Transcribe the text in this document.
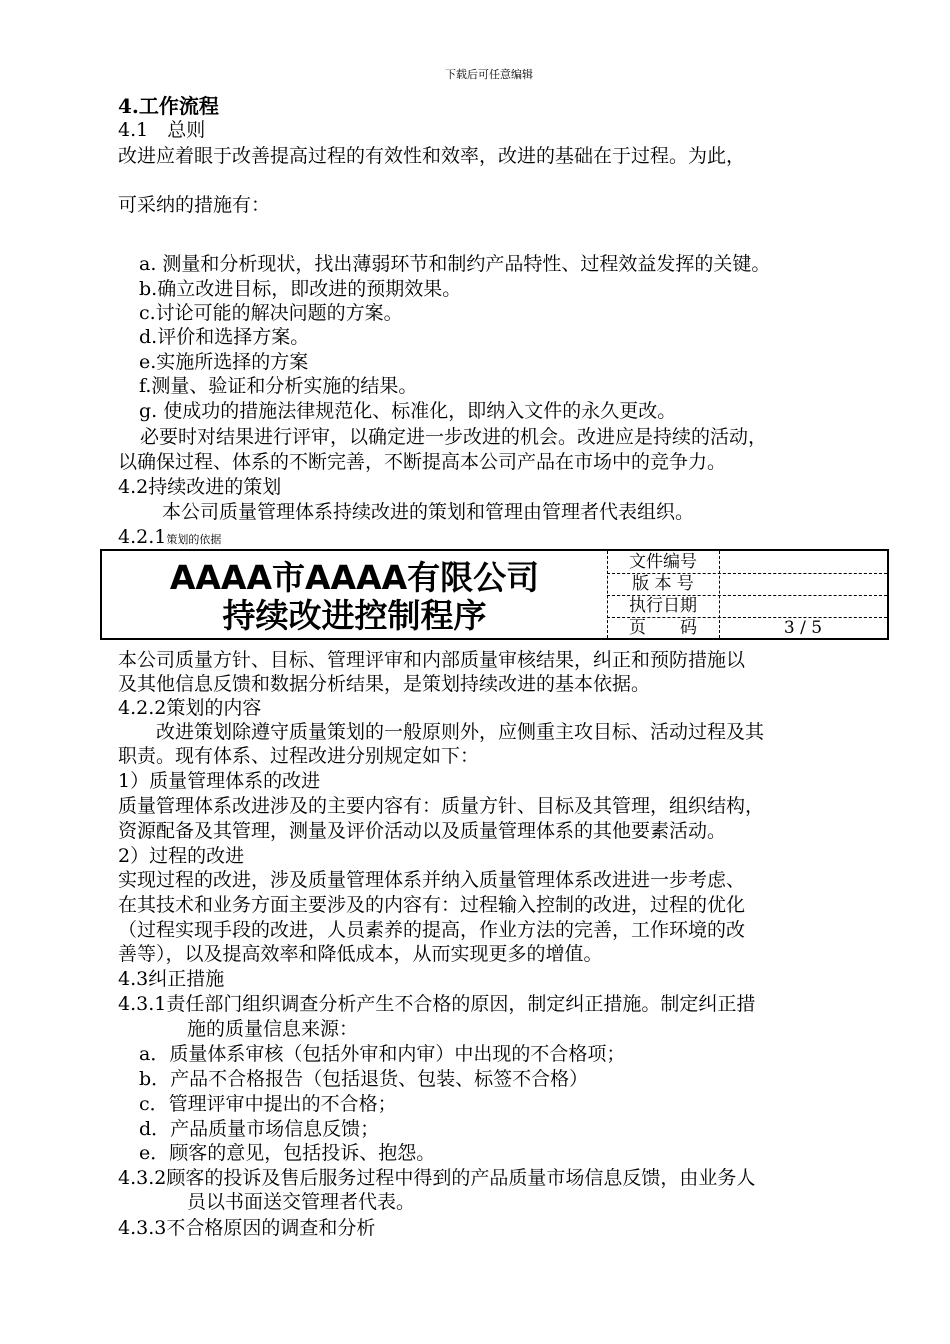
下载后可任意编辑
4.工作流程
4.1　总则
改进应着眼于改善提高过程的有效性和效率，改进的基础在于过程。为此，
可采纳的措施有：
a. 测量和分析现状，找出薄弱环节和制约产品特性、过程效益发挥的关键。
b.确立改进目标，即改进的预期效果。
c.讨论可能的解决问题的方案。
d.评价和选择方案。
e.实施所选择的方案
f.测量、验证和分析实施的结果。
g. 使成功的措施法律规范化、标准化，即纳入文件的永久更改。
必要时对结果进行评审，以确定进一步改进的机会。改进应是持续的活动，
以确保过程、体系的不断完善，不断提高本公司产品在市场中的竞争力。
4.2持续改进的策划
本公司质量管理体系持续改进的策划和管理由管理者代表组织。
4.2.1策划的依据
AAAA市AAAA有限公司
持续改进控制程序
文件编号
版 本 号
执行日期
页　　码	3 / 5
本公司质量方针、目标、管理评审和内部质量审核结果，纠正和预防措施以
及其他信息反馈和数据分析结果，是策划持续改进的基本依据。
4.2.2策划的内容
改进策划除遵守质量策划的一般原则外，应侧重主攻目标、活动过程及其
职责。现有体系、过程改进分别规定如下：
1）质量管理体系的改进
质量管理体系改进涉及的主要内容有：质量方针、目标及其管理，组织结构，
资源配备及其管理，测量及评价活动以及质量管理体系的其他要素活动。
2）过程的改进
实现过程的改进，涉及质量管理体系并纳入质量管理体系改进进一步考虑、
在其技术和业务方面主要涉及的内容有：过程输入控制的改进，过程的优化
（过程实现手段的改进，人员素养的提高，作业方法的完善，工作环境的改
善等），以及提高效率和降低成本，从而实现更多的增值。
4.3纠正措施
4.3.1责任部门组织调查分析产生不合格的原因，制定纠正措施。制定纠正措
施的质量信息来源：
a．质量体系审核（包括外审和内审）中出现的不合格项；
b．产品不合格报告（包括退货、包装、标签不合格）
c．管理评审中提出的不合格；
d．产品质量市场信息反馈；
e．顾客的意见，包括投诉、抱怨。
4.3.2顾客的投诉及售后服务过程中得到的产品质量市场信息反馈，由业务人
员以书面送交管理者代表。
4.3.3不合格原因的调查和分析
